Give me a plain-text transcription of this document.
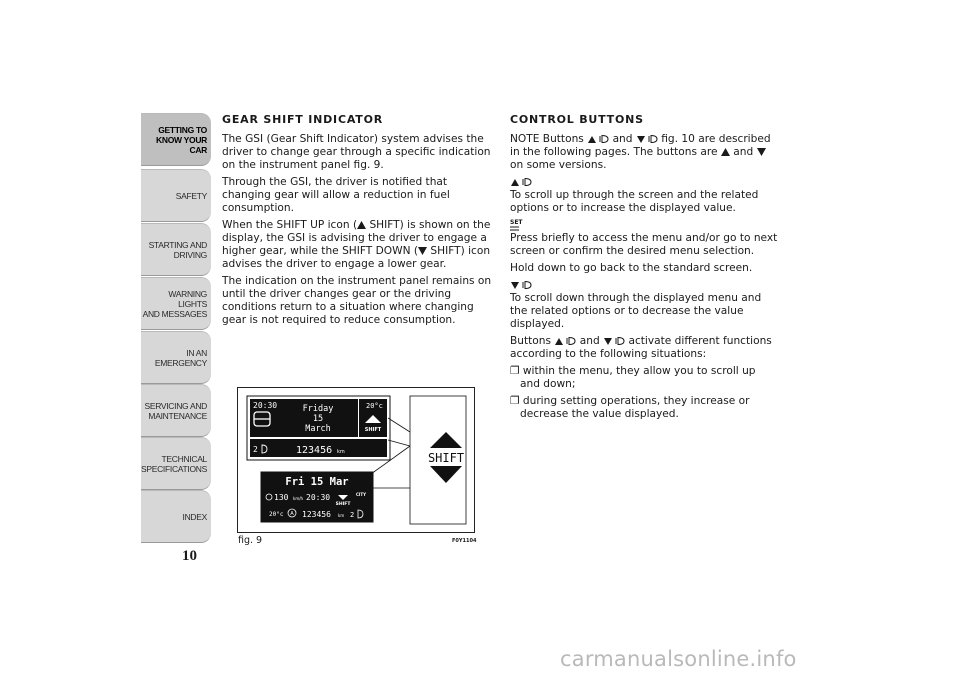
GETTING TO
KNOW YOUR CAR
SAFETY
STARTING AND
DRIVING
WARNING LIGHTS
AND MESSAGES
IN AN EMERGENCY
SERVICING AND
MAINTENANCE
TECHNICAL
SPECIFICATIONS
INDEX
10
GEAR SHIFT INDICATOR

The GSI (Gear Shift Indicator) system advises the driver to change gear through a specific indication on the instrument panel fig. 9.

Through the GSI, the driver is notified that changing gear will allow a reduction in fuel consumption.

When the SHIFT UP icon ( SHIFT) is shown on the display, the GSI is advising the driver to engage a higher gear, while the SHIFT DOWN ( SHIFT) icon advises the driver to engage a lower gear.

The indication on the instrument panel remains on until the driver changes gear or the driving conditions return to a situation where changing gear is not required to reduce consumption.

CONTROL BUTTONS

NOTE Buttons	and	fig. 10 are described in the following pages. The buttons are and  on some versions.

To scroll up through the screen and the related options or to increase the displayed value.

SET

Press briefly to access the menu and/or go to next screen or confirm the desired menu selection.

Hold down to go back to the standard screen.

To scroll down through the displayed menu and the related options or to decrease the value displayed.

Buttons	and	activate different functions according to the following situations:

❐ within the menu, they allow you to scroll up and down;

❐ during setting operations, they increase or decrease the value displayed.

20:30	20°c
Friday
15
March	SHIFT
2	123456 km
Fri 15 Mar
130 km/h 20:30	CITY
SHIFT
20°c A 123456 km 2
SHIFT
fig. 9	F0Y1104
carmanualsonline.info
